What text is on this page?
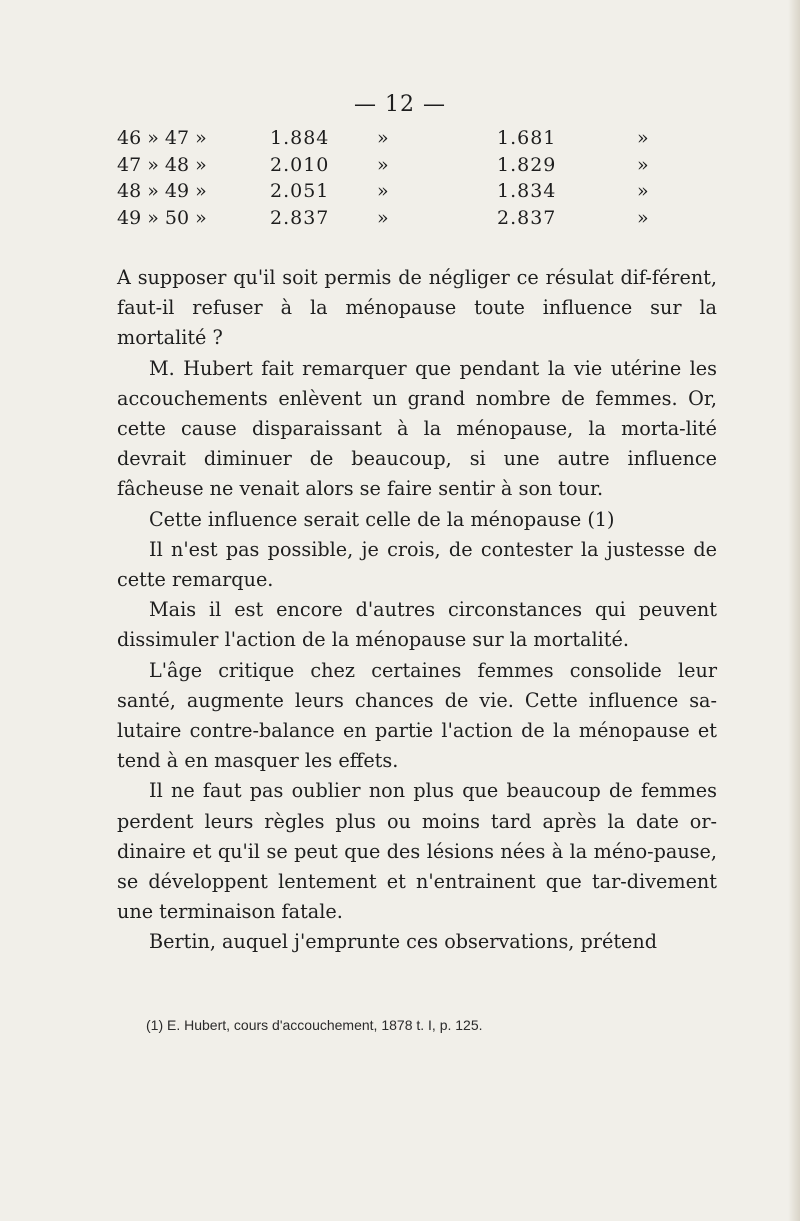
— 12 —
46 » 47 »	1.884	»	1.681	»
47 » 48 »	2.010	»	1.829	»
48 » 49 »	2.051	»	1.834	»
49 » 50 »	2.837	»	2.837	»

A supposer qu'il soit permis de négliger ce résulat dif-férent, faut-il refuser à la ménopause toute influence sur la mortalité ?

M. Hubert fait remarquer que pendant la vie utérine les accouchements enlèvent un grand nombre de femmes. Or, cette cause disparaissant à la ménopause, la morta-lité devrait diminuer de beaucoup, si une autre influence fâcheuse ne venait alors se faire sentir à son tour.

Cette influence serait celle de la ménopause (1)

Il n'est pas possible, je crois, de contester la justesse de cette remarque.

Mais il est encore d'autres circonstances qui peuvent dissimuler l'action de la ménopause sur la mortalité.

L'âge critique chez certaines femmes consolide leur santé, augmente leurs chances de vie. Cette influence sa-lutaire contre-balance en partie l'action de la ménopause et tend à en masquer les effets.

Il ne faut pas oublier non plus que beaucoup de femmes perdent leurs règles plus ou moins tard après la date or-dinaire et qu'il se peut que des lésions nées à la méno-pause, se développent lentement et n'entrainent que tar-divement une terminaison fatale.

Bertin, auquel j'emprunte ces observations, prétend

(1) E. Hubert, cours d'accouchement, 1878 t. I, p. 125.
